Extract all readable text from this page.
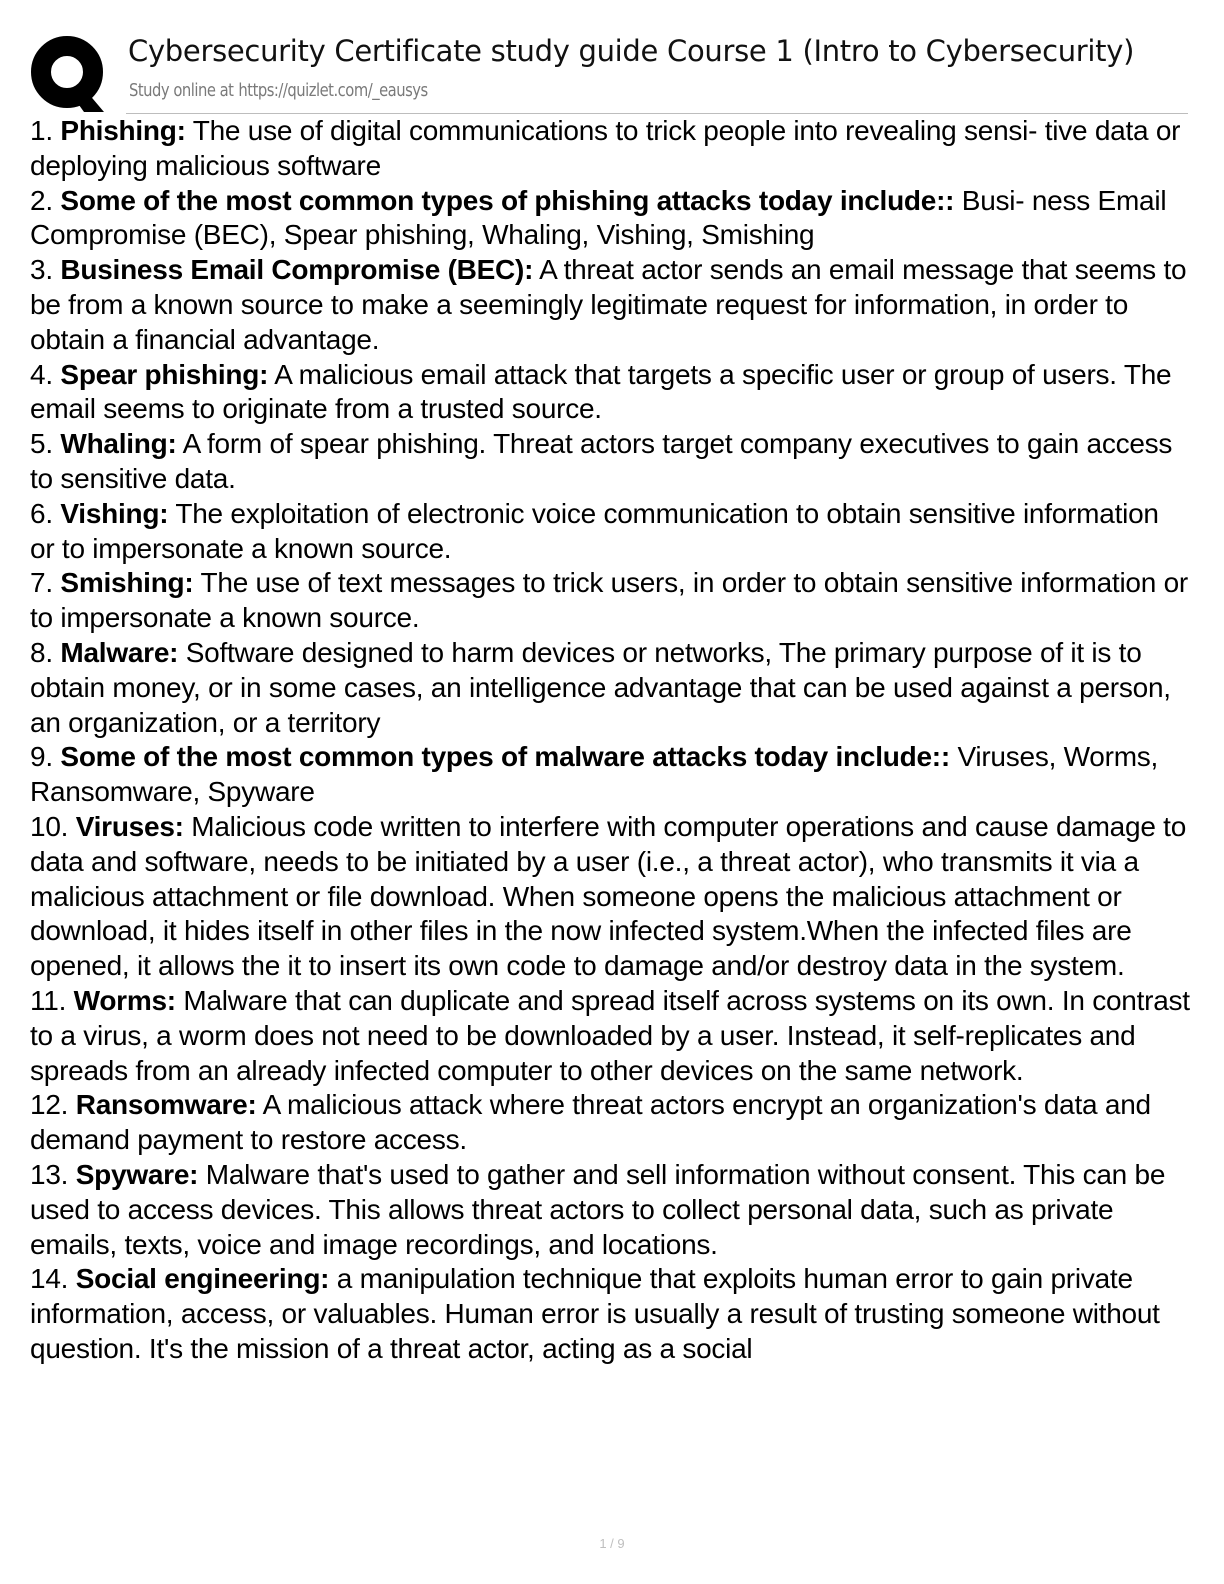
Cybersecurity Certificate study guide Course 1 (Intro to Cybersecurity)
Study online at https://quizlet.com/_eausys

1. Phishing: The use of digital communications to trick people into revealing sensi- tive data or deploying malicious software

2. Some of the most common types of phishing attacks today include:: Busi- ness Email Compromise (BEC), Spear phishing, Whaling, Vishing, Smishing

3. Business Email Compromise (BEC): A threat actor sends an email message that seems to be from a known source to make a seemingly legitimate request for information, in order to obtain a financial advantage.

4. Spear phishing: A malicious email attack that targets a specific user or group of users. The email seems to originate from a trusted source.

5. Whaling: A form of spear phishing. Threat actors target company executives to gain access to sensitive data.

6. Vishing: The exploitation of electronic voice communication to obtain sensitive information or to impersonate a known source.

7. Smishing: The use of text messages to trick users, in order to obtain sensitive information or to impersonate a known source.

8. Malware: Software designed to harm devices or networks, The primary purpose of it is to obtain money, or in some cases, an intelligence advantage that can be used against a person, an organization, or a territory

9. Some of the most common types of malware attacks today include:: Viruses, Worms, Ransomware, Spyware

10. Viruses: Malicious code written to interfere with computer operations and cause damage to data and software, needs to be initiated by a user (i.e., a threat actor), who transmits it via a malicious attachment or file download. When someone opens the malicious attachment or download, it hides itself in other files in the now infected system.When the infected files are opened, it allows the it to insert its own code to damage and/or destroy data in the system.

11. Worms: Malware that can duplicate and spread itself across systems on its own. In contrast to a virus, a worm does not need to be downloaded by a user. Instead, it self-replicates and spreads from an already infected computer to other devices on the same network.

12. Ransomware: A malicious attack where threat actors encrypt an organization's data and demand payment to restore access.

13. Spyware: Malware that's used to gather and sell information without consent. This can be used to access devices. This allows threat actors to collect personal data, such as private emails, texts, voice and image recordings, and locations.

14. Social engineering: a manipulation technique that exploits human error to gain private information, access, or valuables. Human error is usually a result of trusting someone without question. It's the mission of a threat actor, acting as a social

1 / 9
